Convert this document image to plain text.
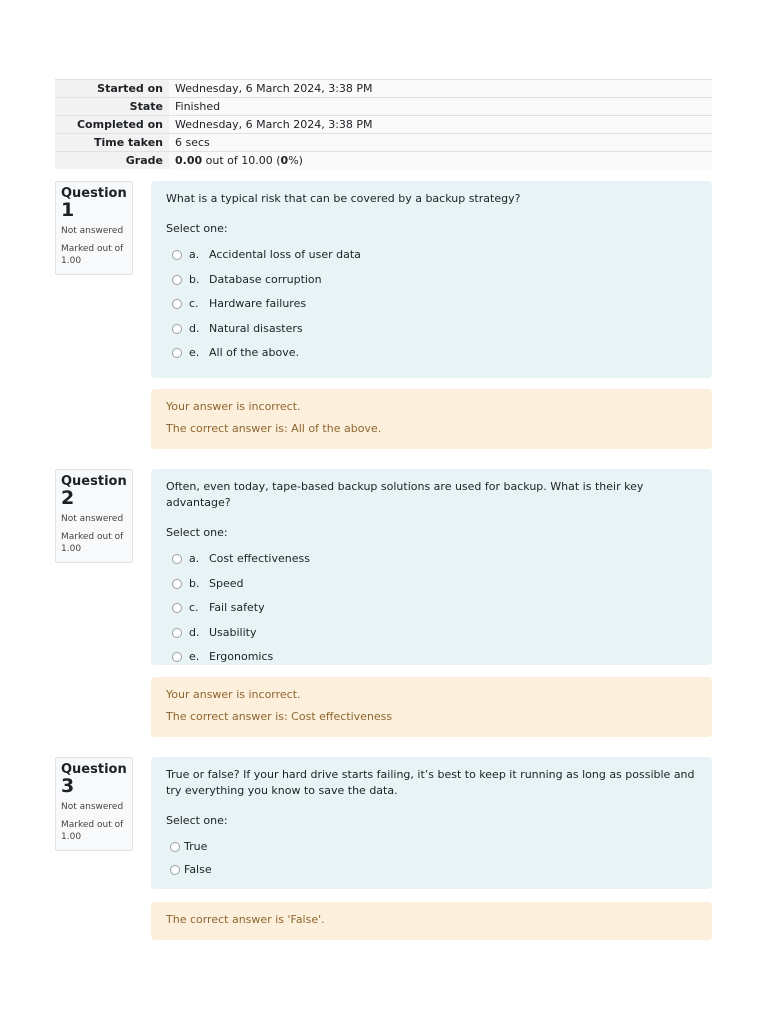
Started on	Wednesday, 6 March 2024, 3:38 PM
State	Finished
Completed on	Wednesday, 6 March 2024, 3:38 PM
Time taken	6 secs
Grade	0.00 out of 10.00 (0%)
Question
1
Not answered
Marked out of 1.00
What is a typical risk that can be covered by a backup strategy?
Select one:
a. Accidental loss of user data
b. Database corruption
c. Hardware failures
d. Natural disasters
e. All of the above.
Your answer is incorrect.
The correct answer is: All of the above.
Question
2
Not answered
Marked out of 1.00
Often, even today, tape-based backup solutions are used for backup. What is their key advantage?
Select one:
a. Cost effectiveness
b. Speed
c. Fail safety
d. Usability
e. Ergonomics
Your answer is incorrect.
The correct answer is: Cost effectiveness
Question
3
Not answered
Marked out of 1.00
True or false? If your hard drive starts failing, it’s best to keep it running as long as possible and try everything you know to save the data.
Select one:
True
False
The correct answer is 'False'.
